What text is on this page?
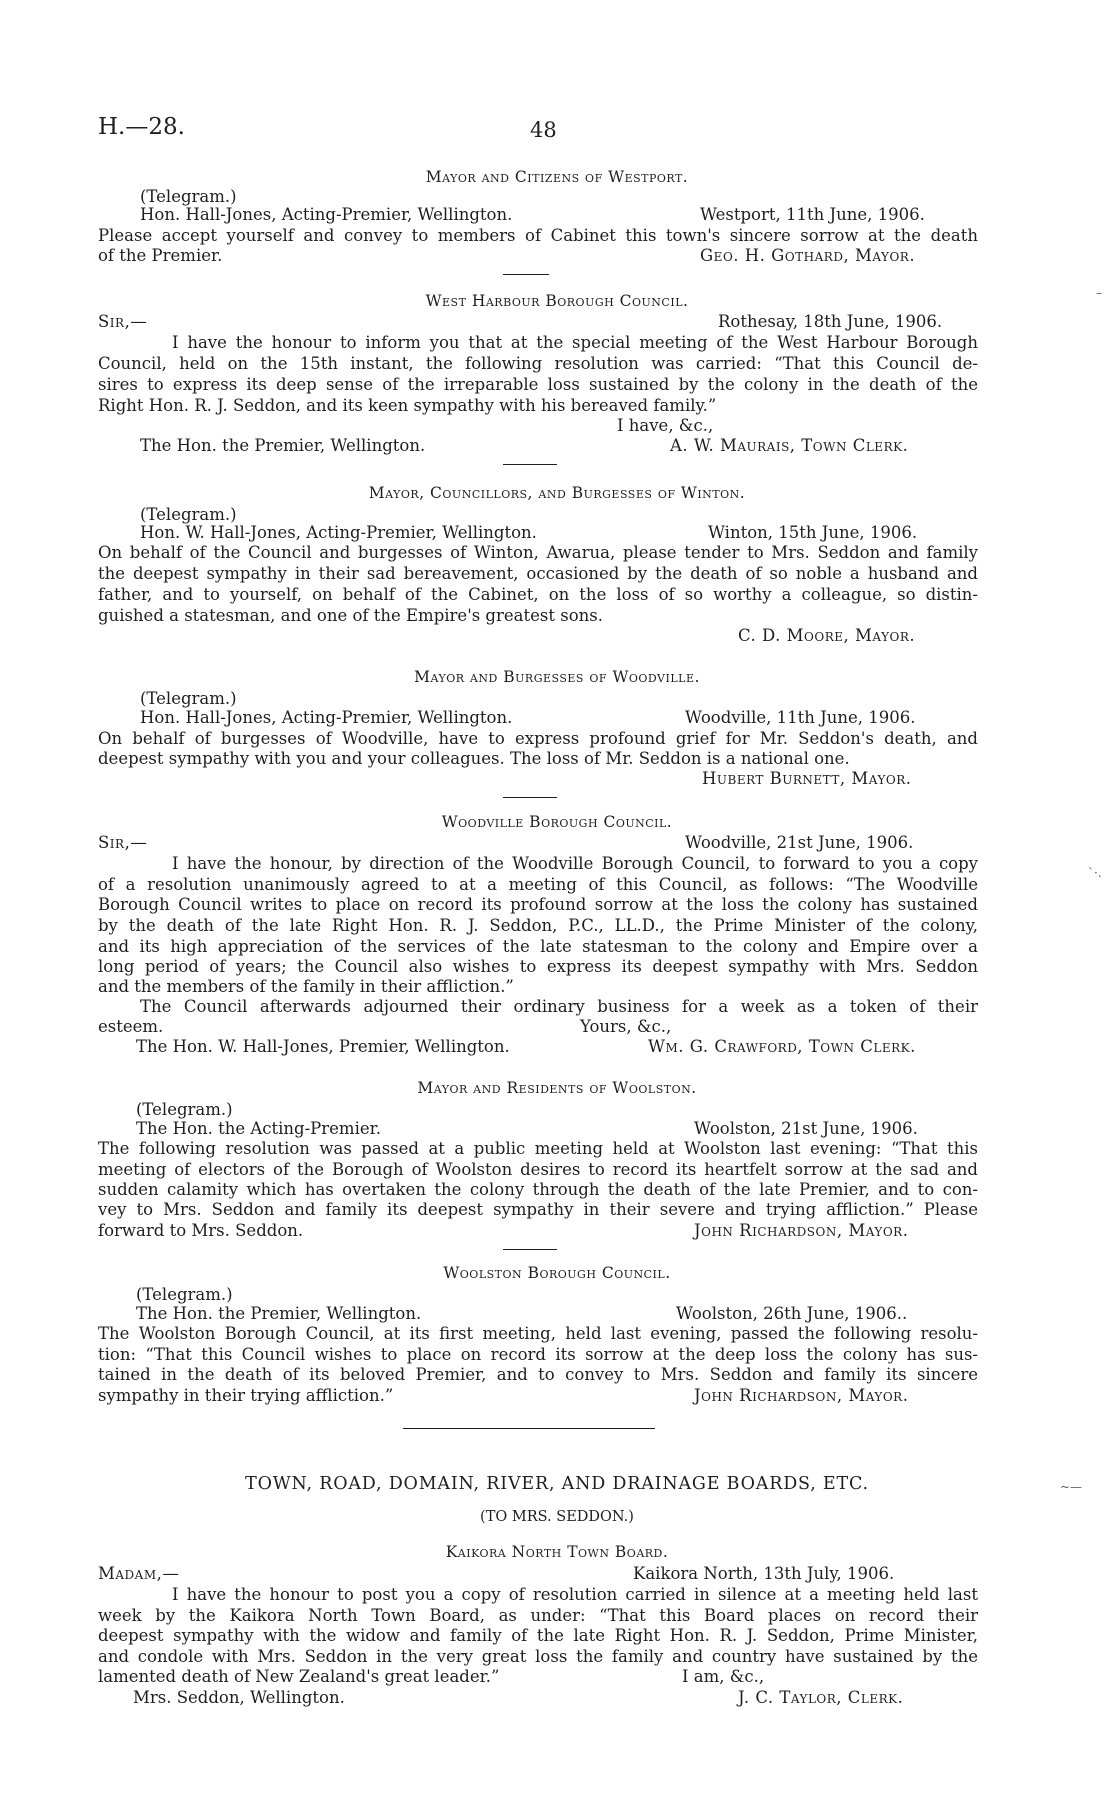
H.—28.	48
Mayor and Citizens of Westport.
(Telegram.)
Hon. Hall-Jones, Acting-Premier, Wellington.	Westport, 11th June, 1906.
Please accept yourself and convey to members of Cabinet this town's sincere sorrow at the death
of the Premier.	Geo. H. Gothard, Mayor.
West Harbour Borough Council.
Sir,—	Rothesay, 18th June, 1906.
I have the honour to inform you that at the special meeting of the West Harbour Borough
Council, held on the 15th instant, the following resolution was carried: “That this Council de-
sires to express its deep sense of the irreparable loss sustained by the colony in the death of the
Right Hon. R. J. Seddon, and its keen sympathy with his bereaved family.”
I have, &c.,
The Hon. the Premier, Wellington.	A. W. Maurais, Town Clerk.
Mayor, Councillors, and Burgesses of Winton.
(Telegram.)
Hon. W. Hall-Jones, Acting-Premier, Wellington.	Winton, 15th June, 1906.
On behalf of the Council and burgesses of Winton, Awarua, please tender to Mrs. Seddon and family
the deepest sympathy in their sad bereavement, occasioned by the death of so noble a husband and
father, and to yourself, on behalf of the Cabinet, on the loss of so worthy a colleague, so distin-
guished a statesman, and one of the Empire's greatest sons.
C. D. Moore, Mayor.
Mayor and Burgesses of Woodville.
(Telegram.)
Hon. Hall-Jones, Acting-Premier, Wellington.	Woodville, 11th June, 1906.
On behalf of burgesses of Woodville, have to express profound grief for Mr. Seddon's death, and
deepest sympathy with you and your colleagues. The loss of Mr. Seddon is a national one.
Hubert Burnett, Mayor.
Woodville Borough Council.
Sir,—	Woodville, 21st June, 1906.
I have the honour, by direction of the Woodville Borough Council, to forward to you a copy
of a resolution unanimously agreed to at a meeting of this Council, as follows: “The Woodville
Borough Council writes to place on record its profound sorrow at the loss the colony has sustained
by the death of the late Right Hon. R. J. Seddon, P.C., LL.D., the Prime Minister of the colony,
and its high appreciation of the services of the late statesman to the colony and Empire over a
long period of years; the Council also wishes to express its deepest sympathy with Mrs. Seddon
and the members of the family in their affliction.”
The Council afterwards adjourned their ordinary business for a week as a token of their
esteem.	Yours, &c.,
The Hon. W. Hall-Jones, Premier, Wellington.	Wm. G. Crawford, Town Clerk.
Mayor and Residents of Woolston.
(Telegram.)
The Hon. the Acting-Premier.	Woolston, 21st June, 1906.
The following resolution was passed at a public meeting held at Woolston last evening: “That this
meeting of electors of the Borough of Woolston desires to record its heartfelt sorrow at the sad and
sudden calamity which has overtaken the colony through the death of the late Premier, and to con-
vey to Mrs. Seddon and family its deepest sympathy in their severe and trying affliction.” Please
forward to Mrs. Seddon.	John Richardson, Mayor.
Woolston Borough Council.
(Telegram.)
The Hon. the Premier, Wellington.	Woolston, 26th June, 1906..
The Woolston Borough Council, at its first meeting, held last evening, passed the following resolu-
tion: “That this Council wishes to place on record its sorrow at the deep loss the colony has sus-
tained in the death of its beloved Premier, and to convey to Mrs. Seddon and family its sincere
sympathy in their trying affliction.”	John Richardson, Mayor.
TOWN, ROAD, DOMAIN, RIVER, AND DRAINAGE BOARDS, ETC.
(TO MRS. SEDDON.)
Kaikora North Town Board.
Madam,—	Kaikora North, 13th July, 1906.
I have the honour to post you a copy of resolution carried in silence at a meeting held last
week by the Kaikora North Town Board, as under: “That this Board places on record their
deepest sympathy with the widow and family of the late Right Hon. R. J. Seddon, Prime Minister,
and condole with Mrs. Seddon in the very great loss the family and country have sustained by the
lamented death of New Zealand's great leader.”	I am, &c.,
Mrs. Seddon, Wellington.	J. C. Taylor, Clerk.
–
`·.
~—
